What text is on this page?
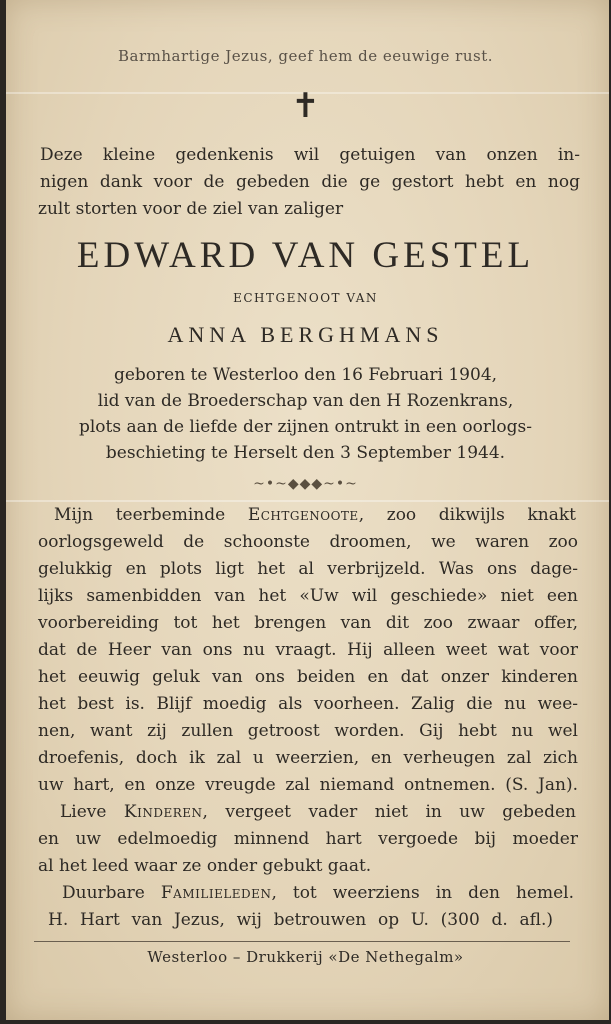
Barmhartige Jezus, geef hem de eeuwige rust.
✝
Deze kleine gedenkenis wil getuigen van onzen in-
nigen dank voor de gebeden die ge gestort hebt en nog
zult storten voor de ziel van zaliger
EDWARD VAN GESTEL
ECHTGENOOT VAN
ANNA BERGHMANS
geboren te Westerloo den 16 Februari 1904,
lid van de Broederschap van den H Rozenkrans,
plots aan de liefde der zijnen ontrukt in een oorlogs-
beschieting te Herselt den 3 September 1944.
~•~◆◆◆~•~
Mijn teerbeminde Echtgenoote, zoo dikwijls knakt
oorlogsgeweld de schoonste droomen, we waren zoo
gelukkig en plots ligt het al verbrijzeld. Was ons dage-
lijks samenbidden van het «Uw wil geschiede» niet een
voorbereiding tot het brengen van dit zoo zwaar offer,
dat de Heer van ons nu vraagt. Hij alleen weet wat voor
het eeuwig geluk van ons beiden en dat onzer kinderen
het best is. Blijf moedig als voorheen. Zalig die nu wee-
nen, want zij zullen getroost worden. Gij hebt nu wel
droefenis, doch ik zal u weerzien, en verheugen zal zich
uw hart, en onze vreugde zal niemand ontnemen. (S. Jan).
Lieve Kinderen, vergeet vader niet in uw gebeden
en uw edelmoedig minnend hart vergoede bij moeder
al het leed waar ze onder gebukt gaat.
Duurbare Familieleden, tot weerziens in den hemel.
H. Hart van Jezus, wij betrouwen op U. (300 d. afl.)
Westerloo – Drukkerij «De Nethegalm»
